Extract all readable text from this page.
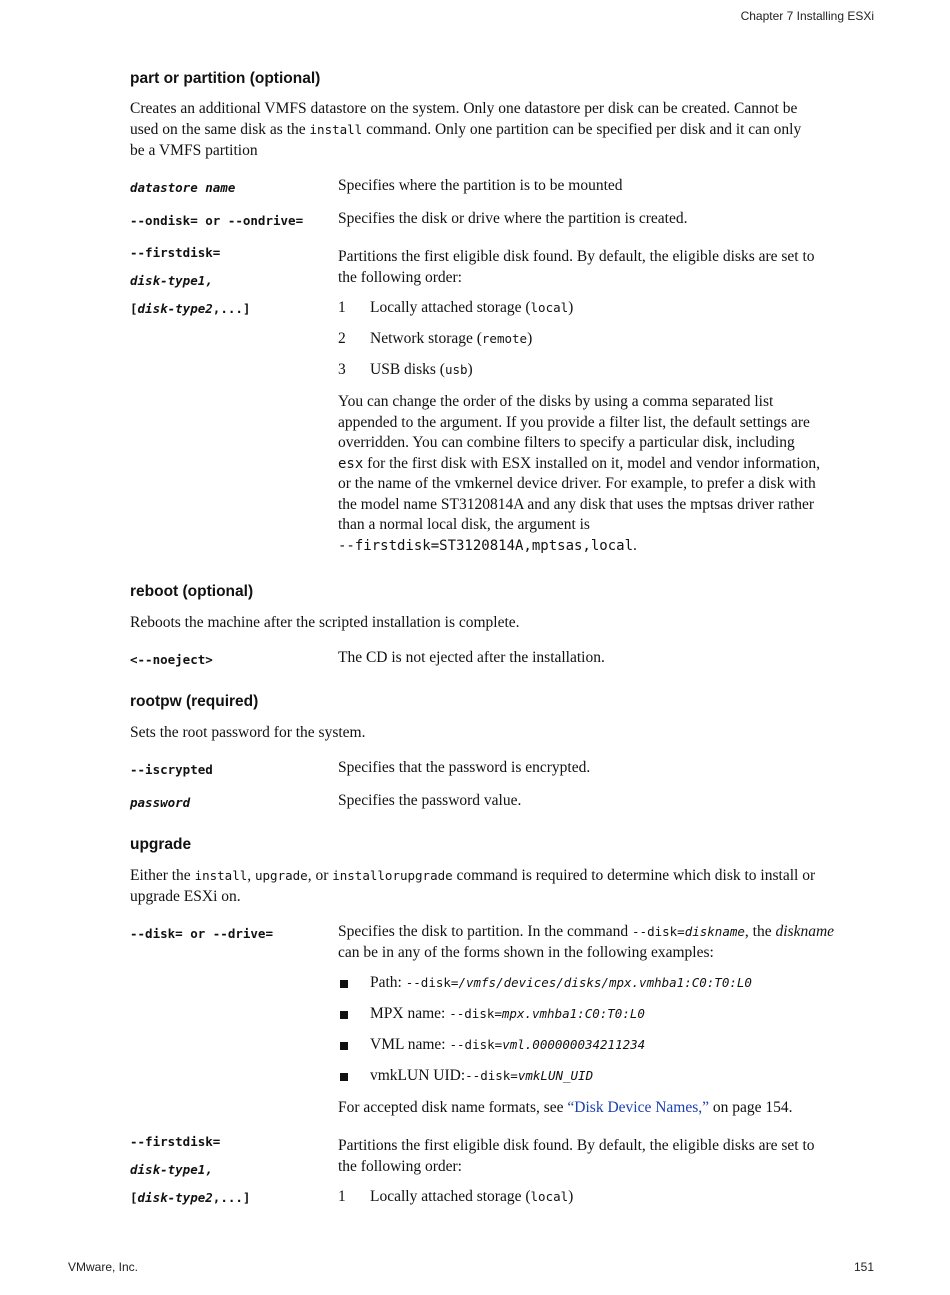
Chapter 7 Installing ESXi
part or partition (optional)
Creates an additional VMFS datastore on the system. Only one datastore per disk can be created. Cannot be
used on the same disk as the install command. Only one partition can be specified per disk and it can only
be a VMFS partition
datastore name	Specifies where the partition is to be mounted
--ondisk= or --ondrive= Specifies the disk or drive where the partition is created.
--firstdisk=
disk-type1,
[disk-type2,...]
Partitions the first eligible disk found. By default, the eligible disks are set to
the following order:
1 Locally attached storage (local)
2 Network storage (remote)
3 USB disks (usb)
You can change the order of the disks by using a comma separated list
appended to the argument. If you provide a filter list, the default settings are
overridden. You can combine filters to specify a particular disk, including
esx for the first disk with ESX installed on it, model and vendor information,
or the name of the vmkernel device driver. For example, to prefer a disk with
the model name ST3120814A and any disk that uses the mptsas driver rather
than a normal local disk, the argument is
--firstdisk=ST3120814A,mptsas,local.
reboot (optional)
Reboots the machine after the scripted installation is complete.
<--noeject>	The CD is not ejected after the installation.
rootpw (required)
Sets the root password for the system.
--iscrypted	Specifies that the password is encrypted.
password	Specifies the password value.
upgrade
Either the install, upgrade, or installorupgrade command is required to determine which disk to install or
upgrade ESXi on.
--disk= or --drive=	Specifies the disk to partition. In the command --disk=diskname, the diskname
can be in any of the forms shown in the following examples:
Path: --disk=/vmfs/devices/disks/mpx.vmhba1:C0:T0:L0
MPX name: --disk=mpx.vmhba1:C0:T0:L0
VML name: --disk=vml.000000034211234
vmkLUN UID:--disk=vmkLUN_UID
For accepted disk name formats, see “Disk Device Names,” on page 154.
--firstdisk=
disk-type1,
[disk-type2,...]
Partitions the first eligible disk found. By default, the eligible disks are set to
the following order:
1 Locally attached storage (local)
VMware, Inc.	151
